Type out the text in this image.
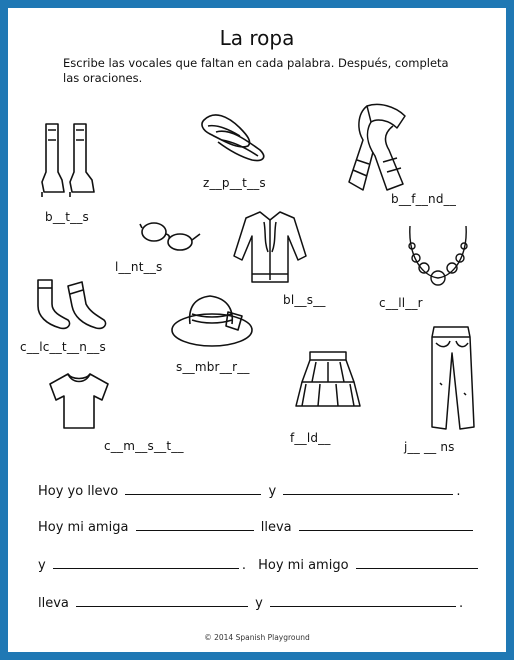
La ropa
Escribe las vocales que faltan en cada palabra. Después, completa las oraciones.
b__t__s
z__p__t__s
b__f__nd__
l__nt__s
bl__s__	c__ll__r
c__lc__t__n__s
s__mbr__r__
f__ld__
j__ __ ns
c__m__s__t__
Hoy yo llevo	y	.
Hoy mi amiga	lleva
y	. Hoy mi amigo
lleva	y	.
© 2014 Spanish Playground
